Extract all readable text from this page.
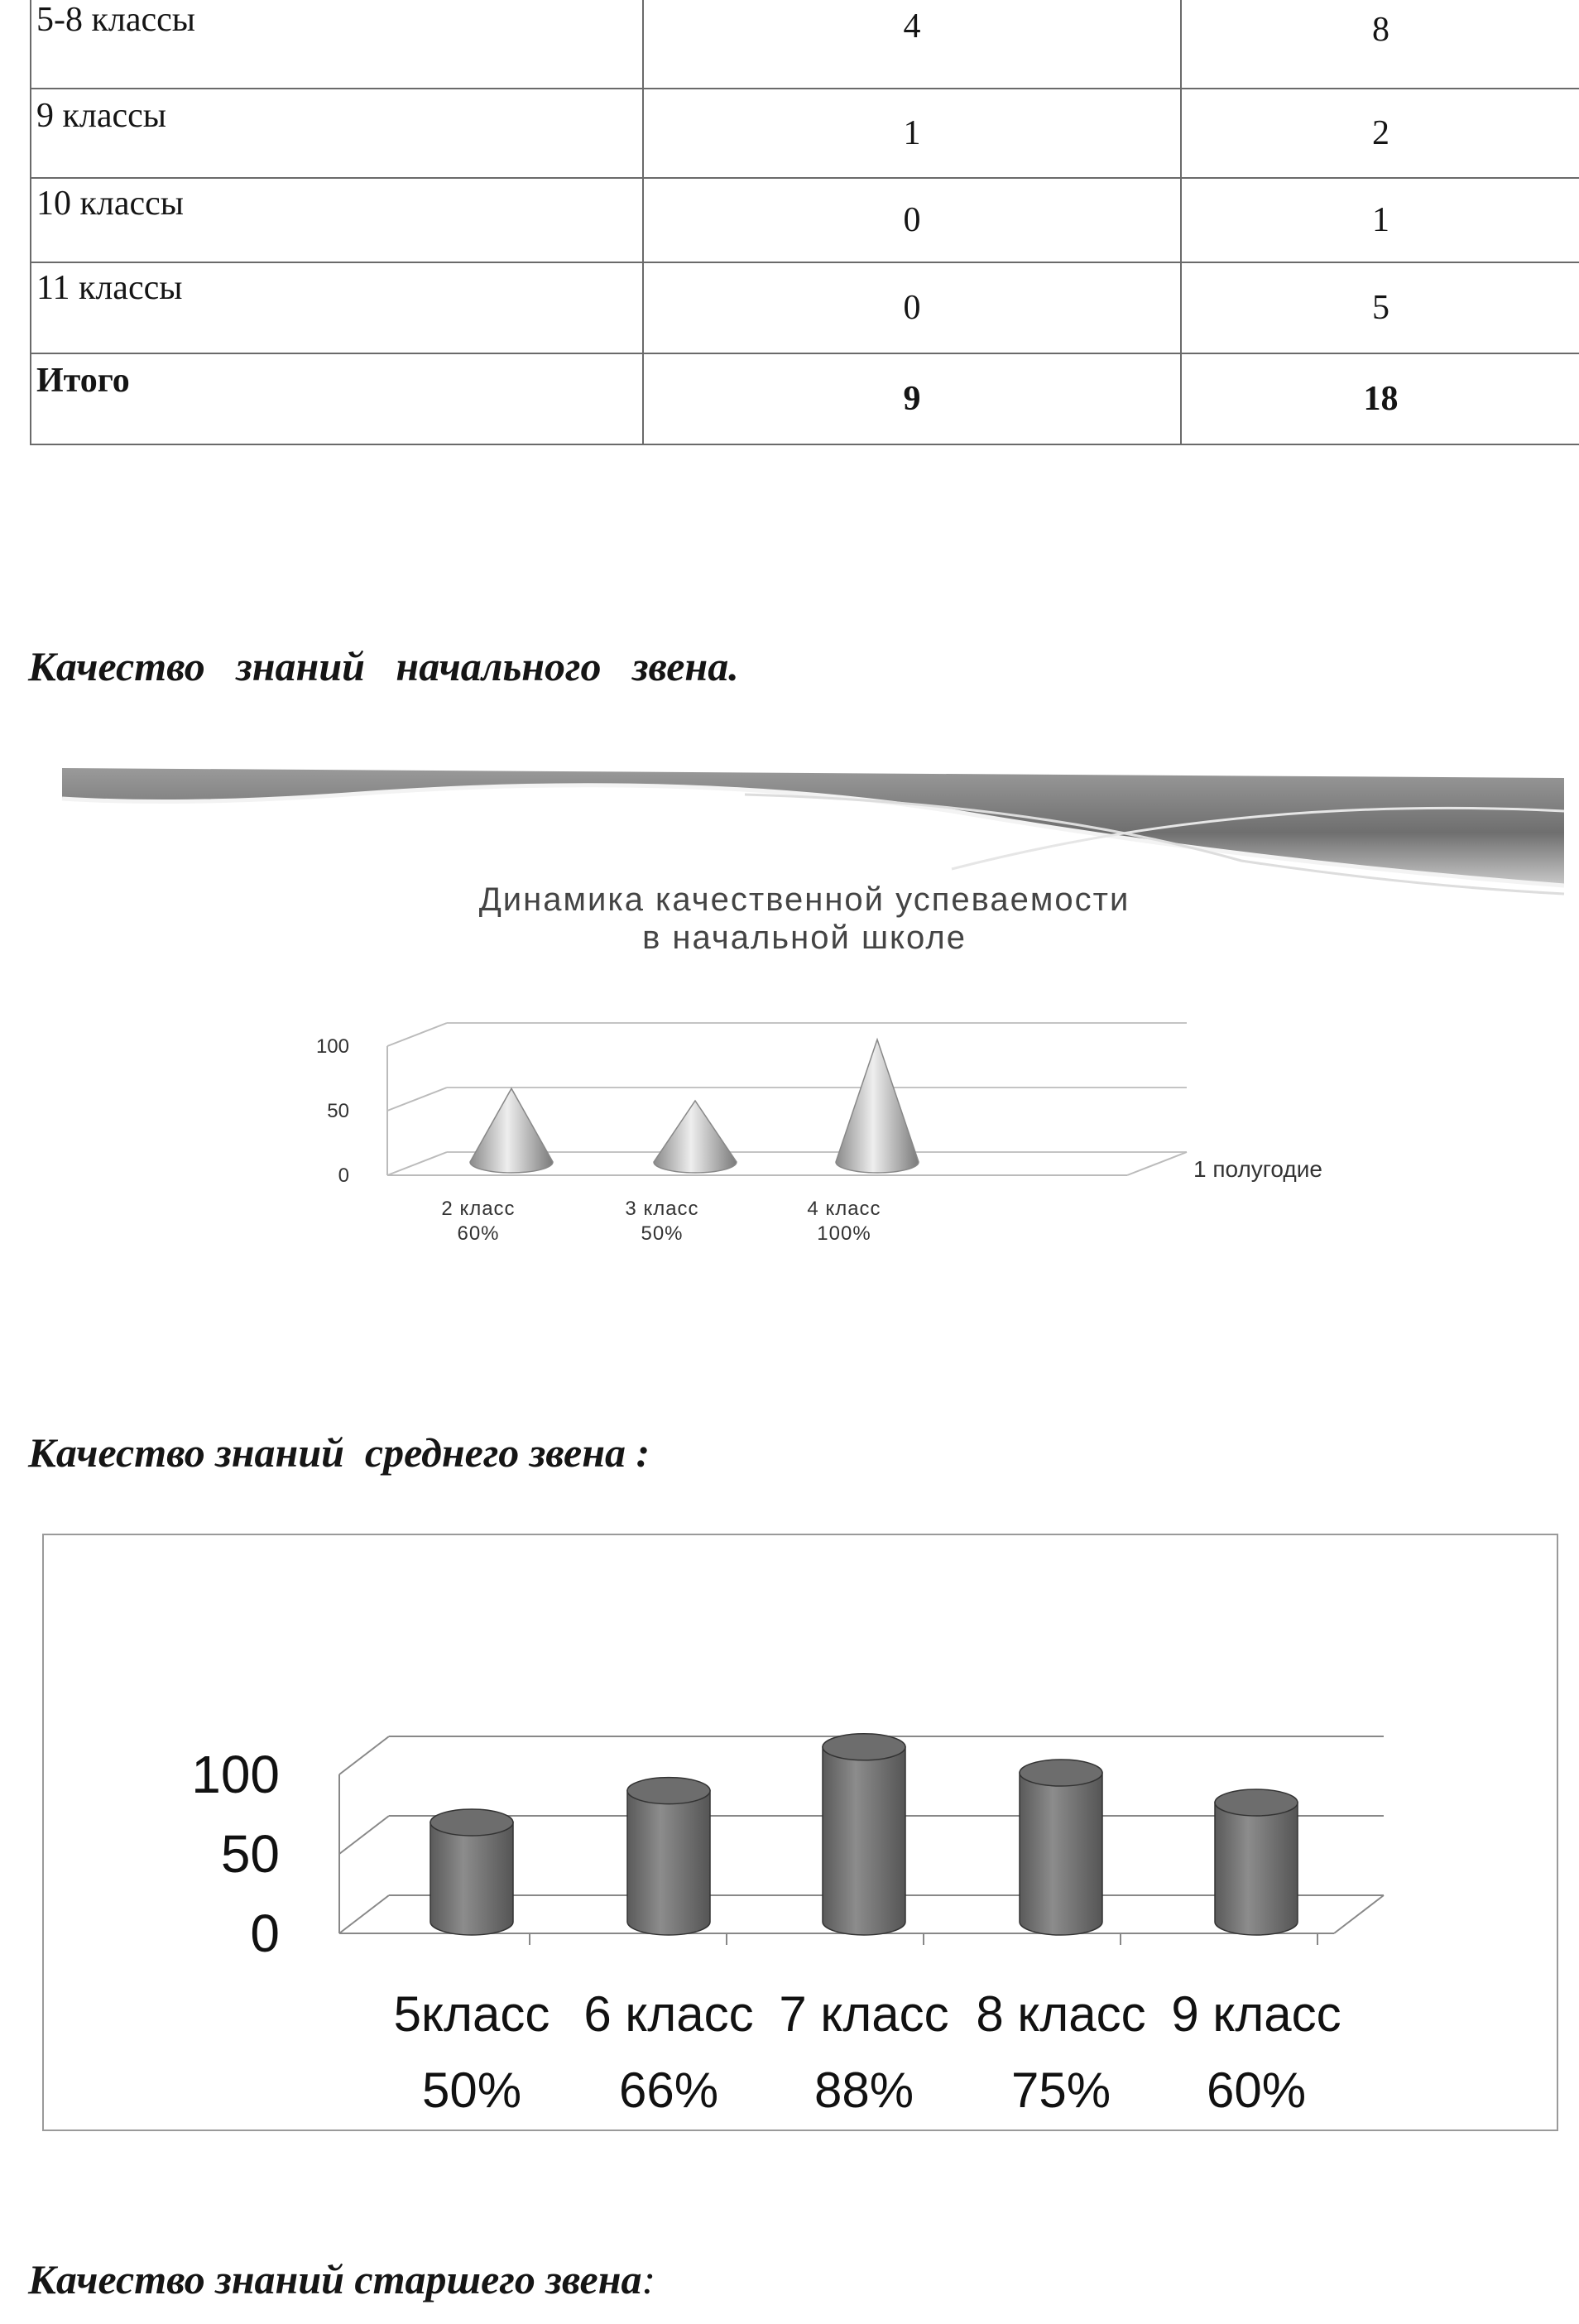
5-8 классы	4	8
9 классы	1	2
10 классы	0	1
11 классы	0	5
Итого	9	18
Качество   знаний   начального   звена.
Динамика качественной успеваемости
в начальной школе
0
50
100
2 класс
60%
3 класс
50%
4 класс
100%
1 полугодие
Качество знаний  среднего звена :
0
50
100
5класс
50%
6 класс
66%
7 класс
88%
8 класс
75%
9 класс
60%
Качество знаний старшего звена:
